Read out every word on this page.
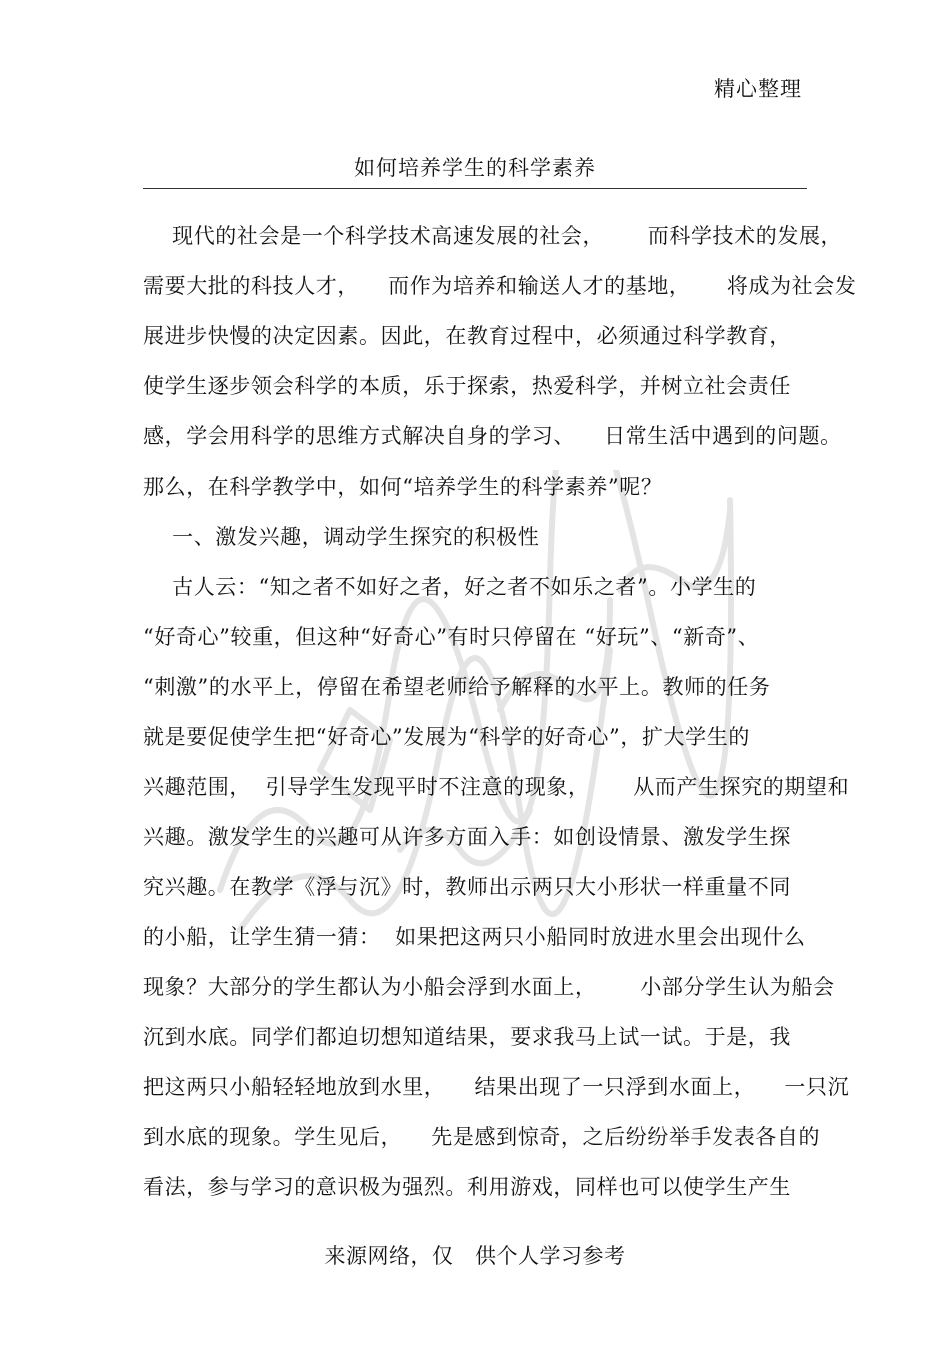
精心整理
如何培养学生的科学素养
现代的社会是一个科学技术高速发展的社会，      而科学技术的发展，
需要大批的科技人才，    而作为培养和输送人才的基地，     将成为社会发
展进步快慢的决定因素。因此，在教育过程中，必须通过科学教育，
使学生逐步领会科学的本质，乐于探索，热爱科学，并树立社会责任
感，学会用科学的思维方式解决自身的学习、    日常生活中遇到的问题。
那么，在科学教学中，如何“培养学生的科学素养”呢？
一、激发兴趣，调动学生探究的积极性
古人云：“知之者不如好之者，好之者不如乐之者”。小学生的
“好奇心”较重，但这种“好奇心”有时只停留在 “好玩”、“新奇”、
“刺激”的水平上，停留在希望老师给予解释的水平上。教师的任务
就是要促使学生把“好奇心”发展为“科学的好奇心”，扩大学生的
兴趣范围，  引导学生发现平时不注意的现象，      从而产生探究的期望和
兴趣。激发学生的兴趣可从许多方面入手：如创设情景、激发学生探
究兴趣。在教学《浮与沉》时，教师出示两只大小形状一样重量不同
的小船，让学生猜一猜：  如果把这两只小船同时放进水里会出现什么
现象？大部分的学生都认为小船会浮到水面上，      小部分学生认为船会
沉到水底。同学们都迫切想知道结果，要求我马上试一试。于是，我
把这两只小船轻轻地放到水里，    结果出现了一只浮到水面上，    一只沉
到水底的现象。学生见后，    先是感到惊奇，之后纷纷举手发表各自的
看法，参与学习的意识极为强烈。利用游戏，同样也可以使学生产生
来源网络，仅   供个人学习参考
